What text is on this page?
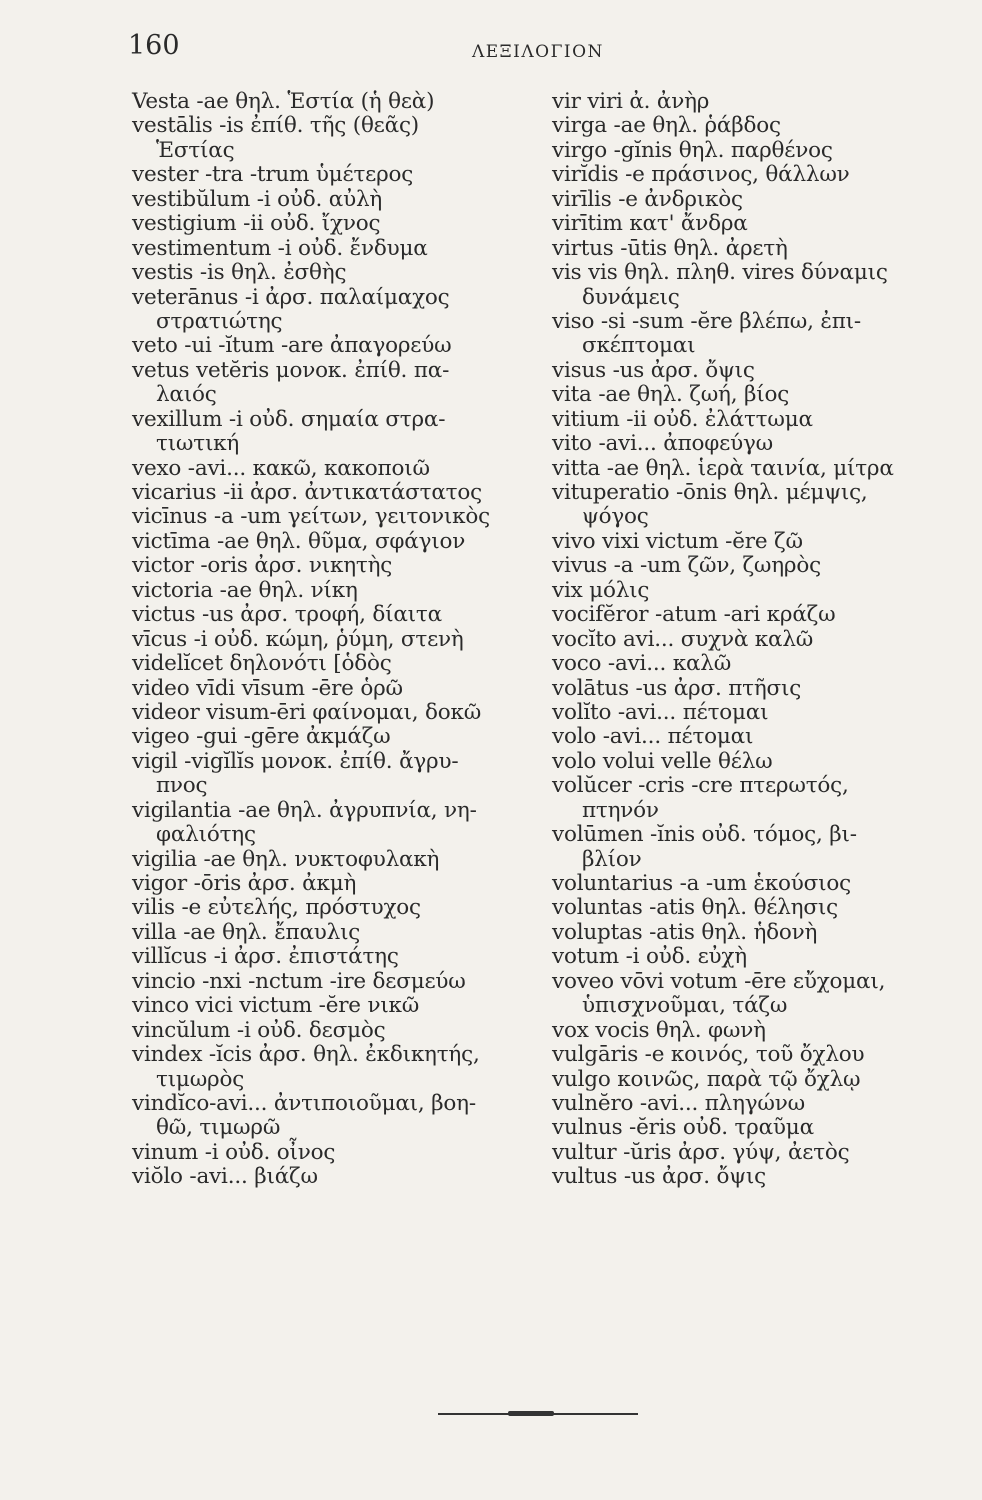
160	ΛΕΞΙΛΟΓΙΟΝ
Vesta -ae θηλ. Ἑστία (ἡ θεὰ)
vestālis -is ἐπίθ. τῆς (θεᾶς)
Ἑστίας
vester -tra -trum ὑμέτερος
vestibŭlum -i οὐδ. αὐλὴ
vestigium -ii οὐδ. ἴχνος
vestimentum -i οὐδ. ἔνδυμα
vestis -is θηλ. ἐσθὴς
veterānus -i ἀρσ. παλαίμαχος
στρατιώτης
veto -ui -ĭtum -are ἀπαγορεύω
vetus vetĕris μονοκ. ἐπίθ. πα-
λαιός
vexillum -i οὐδ. σημαία στρα-
τιωτική
vexo -avi... κακῶ, κακοποιῶ
vicarius -ii ἀρσ. ἀντικατάστατος
vicīnus -a -um γείτων, γειτονικὸς
victīma -ae θηλ. θῦμα, σφάγιον
victor -oris ἀρσ. νικητὴς
victoria -ae θηλ. νίκη
victus -us ἀρσ. τροφή, δίαιτα
vīcus -i οὐδ. κώμη, ῥύμη, στενὴ
videlĭcet δηλονότι [ὁδὸς
video vīdi vīsum -ēre ὁρῶ
videor visum-ēri φαίνομαι, δοκῶ
vigeo -gui -gēre ἀκμάζω
vigil -vigĭlĭs μονοκ. ἐπίθ. ἄγρυ-
πνος
vigilantia -ae θηλ. ἀγρυπνία, νη-
φαλιότης
vigilia -ae θηλ. νυκτοφυλακὴ
vigor -ōris ἀρσ. ἀκμὴ
vilis -e εὐτελής, πρόστυχος
villa -ae θηλ. ἔπαυλις
villĭcus -i ἀρσ. ἐπιστάτης
vincio -nxi -nctum -ire δεσμεύω
vinco vici victum -ĕre νικῶ
vincŭlum -i οὐδ. δεσμὸς
vindex -ĭcis ἀρσ. θηλ. ἐκδικητής,
τιμωρὸς
vindĭco-avi... ἀντιποιοῦμαι, βοη-
θῶ, τιμωρῶ
vinum -i οὐδ. οἶνος
viŏlo -avi... βιάζω
vir viri ἀ. ἀνὴρ
virga -ae θηλ. ῥάβδος
virgo -gĭnis θηλ. παρθένος
virĭdis -e πράσινος, θάλλων
virīlis -e ἀνδρικὸς
virītim κατ' ἄνδρα
virtus -ūtis θηλ. ἀρετὴ
vis vis θηλ. πληθ. vires δύναμις
δυνάμεις
viso -si -sum -ĕre βλέπω, ἐπι-
σκέπτομαι
visus -us ἀρσ. ὄψις
vita -ae θηλ. ζωή, βίος
vitium -ii οὐδ. ἐλάττωμα
vito -avi... ἀποφεύγω
vitta -ae θηλ. ἱερὰ ταινία, μίτρα
vituperatio -ōnis θηλ. μέμψις,
ψόγος
vivo vixi victum -ĕre ζῶ
vivus -a -um ζῶν, ζωηρὸς
vix μόλις
vocifĕror -atum -ari κράζω
vocĭto avi... συχνὰ καλῶ
voco -avi... καλῶ
volātus -us ἀρσ. πτῆσις
volĭto -avi... πέτομαι
volo -avi... πέτομαι
volo volui velle θέλω
volŭcer -cris -cre πτερωτός,
πτηνόν
volūmen -ĭnis οὐδ. τόμος, βι-
βλίον
voluntarius -a -um ἑκούσιος
voluntas -atis θηλ. θέλησις
voluptas -atis θηλ. ἡδονὴ
votum -i οὐδ. εὐχὴ
voveo vōvi votum -ēre εὔχομαι,
ὑπισχνοῦμαι, τάζω
vox vocis θηλ. φωνὴ
vulgāris -e κοινός, τοῦ ὄχλου
vulgo κοινῶς, παρὰ τῷ ὄχλῳ
vulnĕro -avi... πληγώνω
vulnus -ĕris οὐδ. τραῦμα
vultur -ŭris ἀρσ. γύψ, ἀετὸς
vultus -us ἀρσ. ὄψις
